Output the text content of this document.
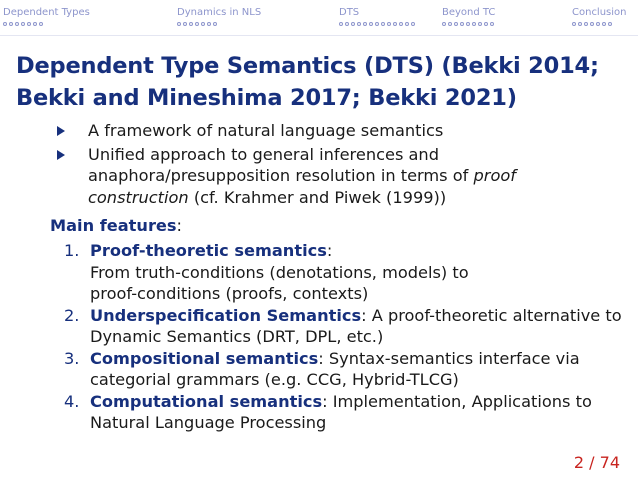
Dependent Types	Dynamics in NLS	DTS	Beyond TC	Conclusion
Dependent Type Semantics (DTS) (Bekki 2014;
Bekki and Mineshima 2017; Bekki 2021)
A framework of natural language semantics
Unified approach to general inferences and anaphora/presupposition resolution in terms of proof construction (cf. Krahmer and Piwek (1999))
Main features:
1. Proof-theoretic semantics:
From truth-conditions (denotations, models) to
proof-conditions (proofs, contexts)
2. Underspecification Semantics: A proof-theoretic alternative to Dynamic Semantics (DRT, DPL, etc.)
3. Compositional semantics: Syntax-semantics interface via categorial grammars (e.g. CCG, Hybrid-TLCG)
4. Computational semantics: Implementation, Applications to Natural Language Processing
2 / 74
